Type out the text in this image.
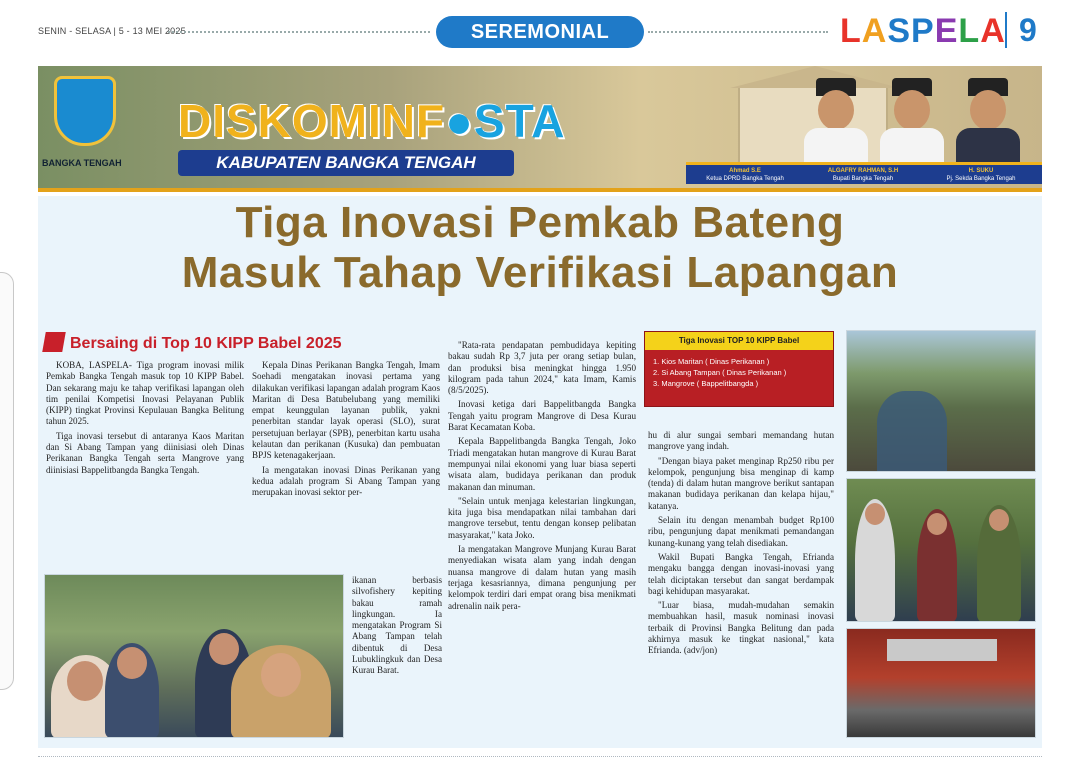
SENIN - SELASA | 5 - 13 MEI 2025	SEREMONIAL	LASPELA 9
BANGKA TENGAH
DISKOMINF●STA
KABUPATEN BANGKA TENGAH	Ahmad S.E
Ketua DPRD Bangka Tengah
ALGAFRY RAHMAN, S.H
Bupati Bangka Tengah
H. SUKU
Pj. Sekda Bangka Tengah
Tiga Inovasi Pemkab Bateng
Masuk Tahap Verifikasi Lapangan
Bersaing di Top 10 KIPP Babel 2025

KOBA, LASPELA- Tiga program inovasi milik Pemkab Bangka Tengah masuk top 10 KIPP Babel. Dan sekarang maju ke tahap verifikasi lapangan oleh tim penilai Kompetisi Inovasi Pelayanan Publik (KIPP) tingkat Provinsi Kepulauan Bangka Belitung tahun 2025.

Tiga inovasi tersebut di antaranya Kaos Maritan dan Si Abang Tampan yang diinisiasi oleh Dinas Perikanan Bangka Tengah serta Mangrove yang diinisiasi Bappelitbangda Bangka Tengah.

Kepala Dinas Perikanan Bangka Tengah, Imam Soehadi mengatakan inovasi pertama yang dilakukan verifikasi lapangan adalah program Kaos Maritan di Desa Batubelubang yang memiliki empat keunggulan layanan publik, yakni penerbitan standar layak operasi (SLO), surat persetujuan berlayar (SPB), penerbitan kartu usaha kelautan dan perikanan (Kusuka) dan pembuatan BPJS ketenagakerjaan.

Ia mengatakan inovasi Dinas Perikanan yang kedua adalah program Si Abang Tampan yang merupakan inovasi sektor per-

ikanan berbasis silvofishery kepiting bakau ramah lingkungan. Ia mengatakan Program Si Abang Tampan telah dibentuk di Desa Lubuklingkuk dan Desa Kurau Barat.

"Rata-rata pendapatan pembudidaya kepiting bakau sudah Rp 3,7 juta per orang setiap bulan, dan produksi bisa meningkat hingga 1.950 kilogram pada tahun 2024," kata Imam, Kamis (8/5/2025).

Inovasi ketiga dari Bappelitbangda Bangka Tengah yaitu program Mangrove di Desa Kurau Barat Kecamatan Koba.

Kepala Bappelitbangda Bangka Tengah, Joko Triadi mengatakan hutan mangrove di Kurau Barat mempunyai nilai ekonomi yang luar biasa seperti wisata alam, budidaya perikanan dan produk makanan dan minuman.

"Selain untuk menjaga kelestarian lingkungan, kita juga bisa mendapatkan nilai tambahan dari mangrove tersebut, tentu dengan konsep pelibatan masyarakat," kata Joko.

Ia mengatakan Mangrove Munjang Kurau Barat menyediakan wisata alam yang indah dengan nuansa mangrove di dalam hutan yang masih terjaga kesasriannya, dimana pengunjung per kelompok terdiri dari empat orang bisa menikmati adrenalin naik pera-

Tiga Inovasi TOP 10 KIPP Babel
1. Kios Maritan ( Dinas Perikanan )
2. Si Abang Tampan ( Dinas Perikanan )
3. Mangrove ( Bappelitbangda )

hu di alur sungai sembari memandang hutan mangrove yang indah.

"Dengan biaya paket menginap Rp250 ribu per kelompok, pengunjung bisa menginap di kamp (tenda) di dalam hutan mangrove berikut santapan makanan budidaya perikanan dan kelapa hijau," katanya.

Selain itu dengan menambah budget Rp100 ribu, pengunjung dapat menikmati pemandangan kunang-kunang yang telah disediakan.

Wakil Bupati Bangka Tengah, Efrianda mengaku bangga dengan inovasi-inovasi yang telah diciptakan tersebut dan sangat berdampak bagi kehidupan masyarakat.

"Luar biasa, mudah-mudahan semakin membuahkan hasil, masuk nominasi inovasi terbaik di Provinsi Bangka Belitung dan pada akhirnya masuk ke tingkat nasional," kata Efrianda. (adv/jon)
